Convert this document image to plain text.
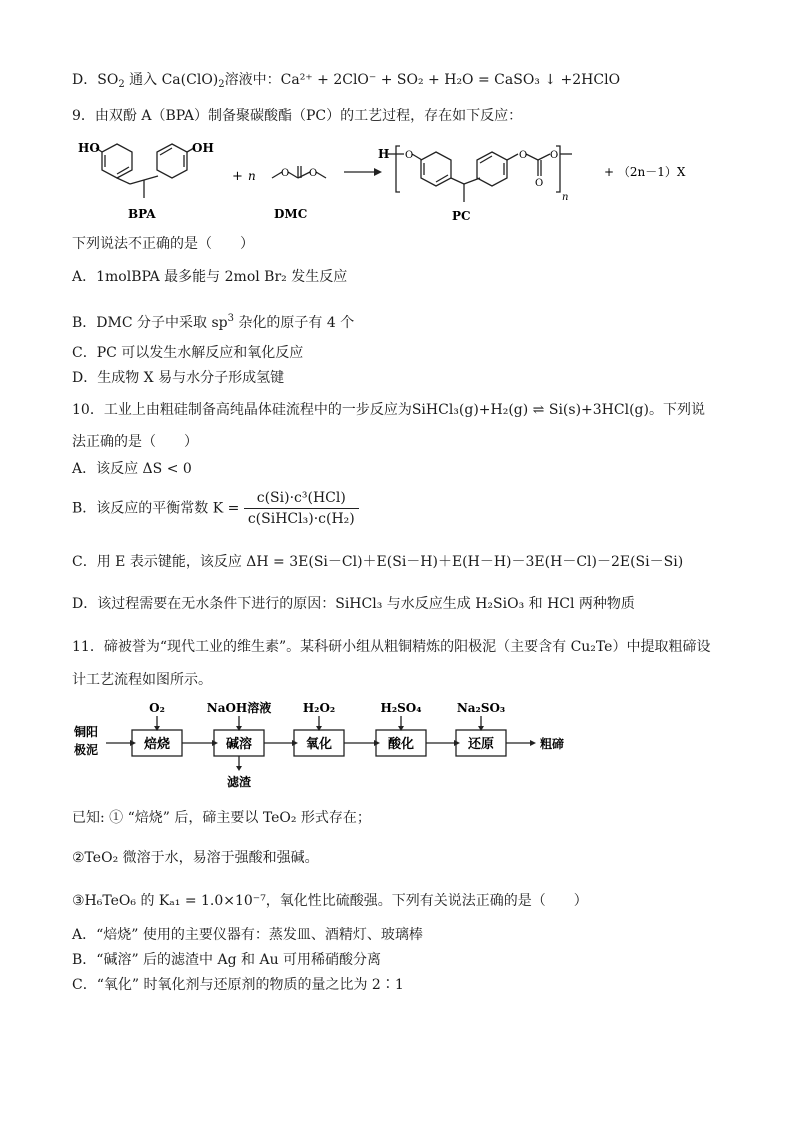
D．$SO_2$ 通入 $Ca(ClO)_2$溶液中：Ca²⁺ + 2ClO⁻ + SO₂ + H₂O = CaSO₃ ↓ +2HClO
9．由双酚 A（BPA）制备聚碳酸酯（PC）的工艺过程，存在如下反应：
HO	OH
BPA
+ n	O O
DMC
H O	O
O
O
n
PC
+ （2n－1）X
下列说法不正确的是（　　）
A．1molBPA 最多能与 2mol Br₂ 发生反应
B．DMC 分子中采取 $sp^3$ 杂化的原子有 4 个
C．PC 可以发生水解反应和氧化反应
D．生成物 X 易与水分子形成氢键
10．工业上由粗硅制备高纯晶体硅流程中的一步反应为SiHCl₃(g)+H₂(g) ⇌ Si(s)+3HCl(g)。下列说
法正确的是（　　）
A．该反应 ΔS < 0
B．该反应的平衡常数 $K = \frac{\text{c(Si)·c³(HCl)}}{\text{c(SiHCl₃)·c(H₂)}}$
C．用 E 表示键能，该反应 ΔH = 3E(Si－Cl)＋E(Si－H)＋E(H－H)－3E(H－Cl)－2E(Si－Si)
D．该过程需要在无水条件下进行的原因：SiHCl₃ 与水反应生成 H₂SiO₃ 和 HCl 两种物质
11．碲被誉为“现代工业的维生素”。某科研小组从粗铜精炼的阳极泥（主要含有 Cu₂Te）中提取粗碲设
计工艺流程如图所示。
铜阳
极泥	焙烧	碱溶	氧化	酸化	还原
O₂	NaOH溶液	H₂O₂	H₂SO₄	Na₂SO₃
滤渣
粗碲
已知: ① “焙烧” 后，碲主要以 TeO₂ 形式存在；
②TeO₂ 微溶于水，易溶于强酸和强碱。
③H₆TeO₆ 的 Kₐ₁ = 1.0×10⁻⁷，氧化性比硫酸强。下列有关说法正确的是（　　）
A．“焙烧” 使用的主要仪器有：蒸发皿、酒精灯、玻璃棒
B．“碱溶” 后的滤渣中 Ag 和 Au 可用稀硝酸分离
C．“氧化” 时氧化剂与还原剂的物质的量之比为 2∶1
